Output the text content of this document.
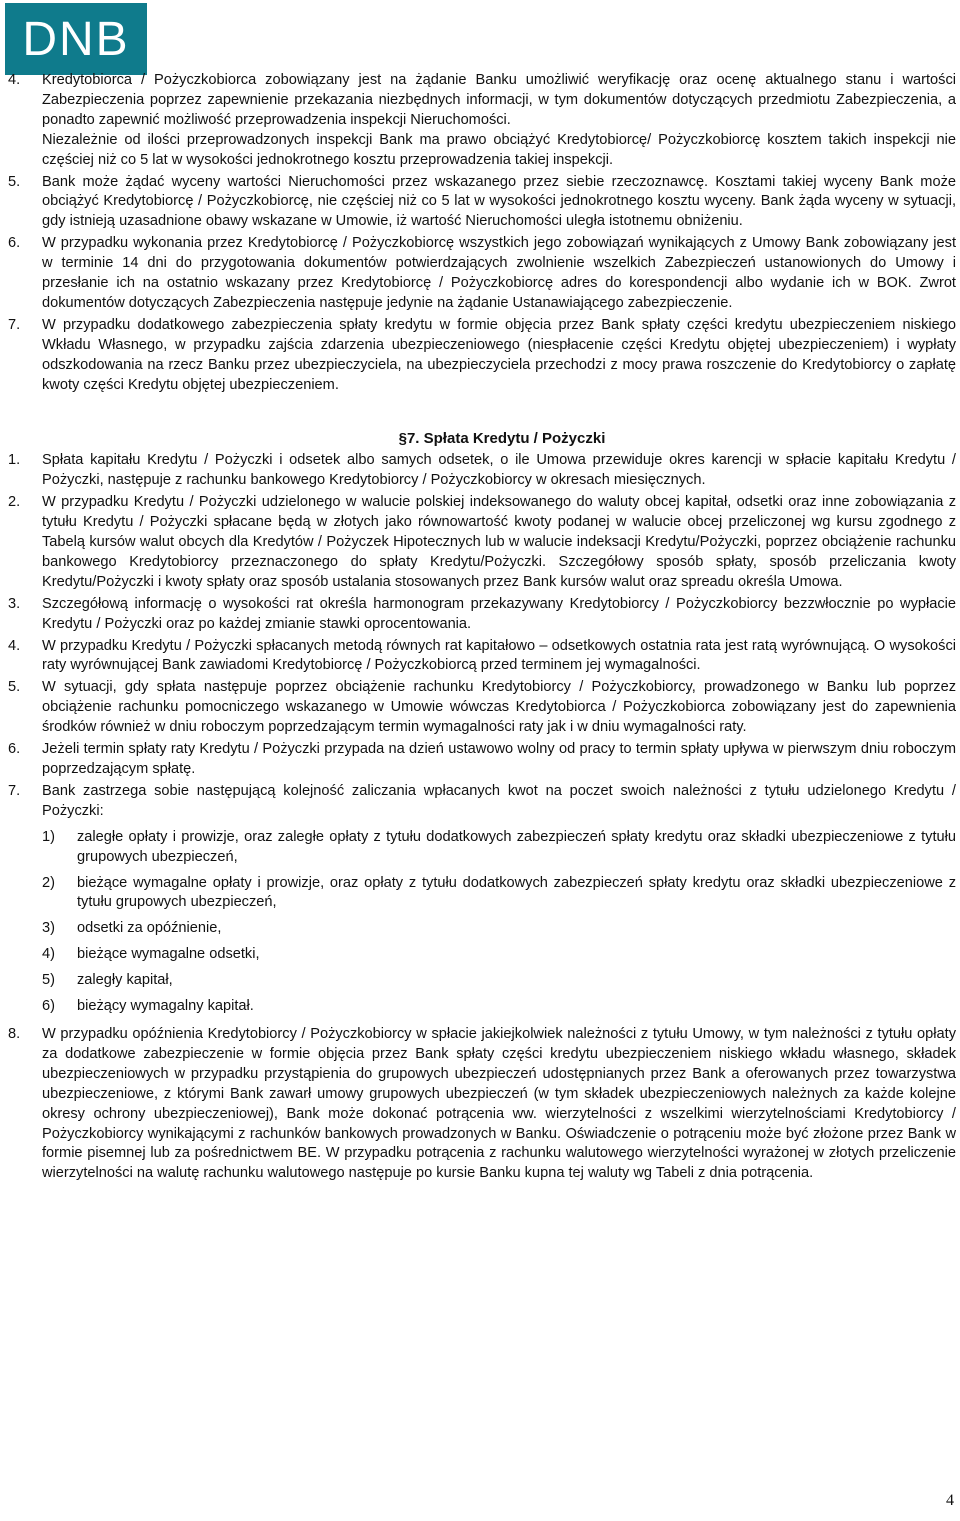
DNB
4.	Kredytobiorca / Pożyczkobiorca zobowiązany jest na żądanie Banku umożliwić weryfikację oraz ocenę aktualnego stanu i wartości Zabezpieczenia poprzez zapewnienie przekazania niezbędnych informacji, w tym dokumentów dotyczących przedmiotu Zabezpieczenia, a ponadto zapewnić możliwość przeprowadzenia inspekcji Nieruchomości.
Niezależnie od ilości przeprowadzonych inspekcji Bank ma prawo obciążyć Kredytobiorcę/ Pożyczkobiorcę kosztem takich inspekcji nie częściej niż co 5 lat w wysokości jednokrotnego kosztu przeprowadzenia takiej inspekcji.
5.	Bank może żądać wyceny wartości Nieruchomości przez wskazanego przez siebie rzeczoznawcę. Kosztami takiej wyceny Bank może obciążyć Kredytobiorcę / Pożyczkobiorcę, nie częściej niż co 5 lat w wysokości jednokrotnego kosztu wyceny. Bank żąda wyceny w sytuacji, gdy istnieją uzasadnione obawy wskazane w Umowie, iż wartość Nieruchomości uległa istotnemu obniżeniu.
6.	W przypadku wykonania przez Kredytobiorcę / Pożyczkobiorcę wszystkich jego zobowiązań wynikających z Umowy Bank zobowiązany jest w terminie 14 dni do przygotowania dokumentów potwierdzających zwolnienie wszelkich Zabezpieczeń ustanowionych do Umowy i przesłanie ich na ostatnio wskazany przez Kredytobiorcę / Pożyczkobiorcę adres do korespondencji albo wydanie ich w BOK. Zwrot dokumentów dotyczących Zabezpieczenia następuje jedynie na żądanie Ustanawiającego zabezpieczenie.
7.	W przypadku dodatkowego zabezpieczenia spłaty kredytu w formie objęcia przez Bank spłaty części kredytu ubezpieczeniem niskiego Wkładu Własnego, w przypadku zajścia zdarzenia ubezpieczeniowego (niespłacenie części Kredytu objętej ubezpieczeniem) i wypłaty odszkodowania na rzecz Banku przez ubezpieczyciela, na ubezpieczyciela przechodzi z mocy prawa roszczenie do Kredytobiorcy o zapłatę kwoty części Kredytu objętej ubezpieczeniem.
§7. Spłata Kredytu / Pożyczki
1.	Spłata kapitału Kredytu / Pożyczki i odsetek albo samych odsetek, o ile Umowa przewiduje okres karencji w spłacie kapitału Kredytu / Pożyczki, następuje z rachunku bankowego Kredytobiorcy / Pożyczkobiorcy w okresach miesięcznych.
2.	W przypadku Kredytu / Pożyczki udzielonego w walucie polskiej indeksowanego do waluty obcej kapitał, odsetki oraz inne zobowiązania z tytułu Kredytu / Pożyczki spłacane będą w złotych jako równowartość kwoty podanej w walucie obcej przeliczonej wg kursu zgodnego z Tabelą kursów walut obcych dla Kredytów / Pożyczek Hipotecznych lub w walucie indeksacji Kredytu/Pożyczki, poprzez obciążenie rachunku bankowego Kredytobiorcy przeznaczonego do spłaty Kredytu/Pożyczki. Szczegółowy sposób spłaty, sposób przeliczania kwoty Kredytu/Pożyczki i kwoty spłaty oraz sposób ustalania stosowanych przez Bank kursów walut oraz spreadu określa Umowa.
3.	Szczegółową informację o wysokości rat określa harmonogram przekazywany Kredytobiorcy / Pożyczkobiorcy bezzwłocznie po wypłacie Kredytu / Pożyczki oraz po każdej zmianie stawki oprocentowania.
4.	W przypadku Kredytu / Pożyczki spłacanych metodą równych rat kapitałowo – odsetkowych ostatnia rata jest ratą wyrównującą. O wysokości raty wyrównującej Bank zawiadomi Kredytobiorcę / Pożyczkobiorcą przed terminem jej wymagalności.
5.	W sytuacji, gdy spłata następuje poprzez obciążenie rachunku Kredytobiorcy / Pożyczkobiorcy, prowadzonego w Banku lub poprzez obciążenie rachunku pomocniczego wskazanego w Umowie wówczas Kredytobiorca / Pożyczkobiorca zobowiązany jest do zapewnienia środków również w dniu roboczym poprzedzającym termin wymagalności raty jak i w dniu wymagalności raty.
6.	Jeżeli termin spłaty raty Kredytu / Pożyczki przypada na dzień ustawowo wolny od pracy to termin spłaty upływa w pierwszym dniu roboczym poprzedzającym spłatę.
7.	Bank zastrzega sobie następującą kolejność zaliczania wpłacanych kwot na poczet swoich należności z tytułu udzielonego Kredytu / Pożyczki:
1)	zaległe opłaty i prowizje, oraz zaległe opłaty z tytułu dodatkowych zabezpieczeń spłaty kredytu oraz składki ubezpieczeniowe z tytułu grupowych ubezpieczeń,
2)	bieżące wymagalne opłaty i prowizje, oraz opłaty z tytułu dodatkowych zabezpieczeń spłaty kredytu oraz składki ubezpieczeniowe z tytułu grupowych ubezpieczeń,
3)	odsetki za opóźnienie,
4)	bieżące wymagalne odsetki,
5)	zaległy kapitał,
6)	bieżący wymagalny kapitał.
8.	W przypadku opóźnienia Kredytobiorcy / Pożyczkobiorcy w spłacie jakiejkolwiek należności z tytułu Umowy, w tym należności z tytułu opłaty za dodatkowe zabezpieczenie w formie objęcia przez Bank spłaty części kredytu ubezpieczeniem niskiego wkładu własnego, składek ubezpieczeniowych w przypadku przystąpienia do grupowych ubezpieczeń udostępnianych przez Bank a oferowanych przez towarzystwa ubezpieczeniowe, z którymi Bank zawarł umowy grupowych ubezpieczeń (w tym składek ubezpieczeniowych należnych za każde kolejne okresy ochrony ubezpieczeniowej), Bank może dokonać potrącenia ww. wierzytelności z wszelkimi wierzytelnościami Kredytobiorcy / Pożyczkobiorcy wynikającymi z rachunków bankowych prowadzonych w Banku. Oświadczenie o potrąceniu może być złożone przez Bank w formie pisemnej lub za pośrednictwem BE. W przypadku potrącenia z rachunku walutowego wierzytelności wyrażonej w złotych przeliczenie wierzytelności na walutę rachunku walutowego następuje po kursie Banku kupna tej waluty wg Tabeli z dnia potrącenia.
4
